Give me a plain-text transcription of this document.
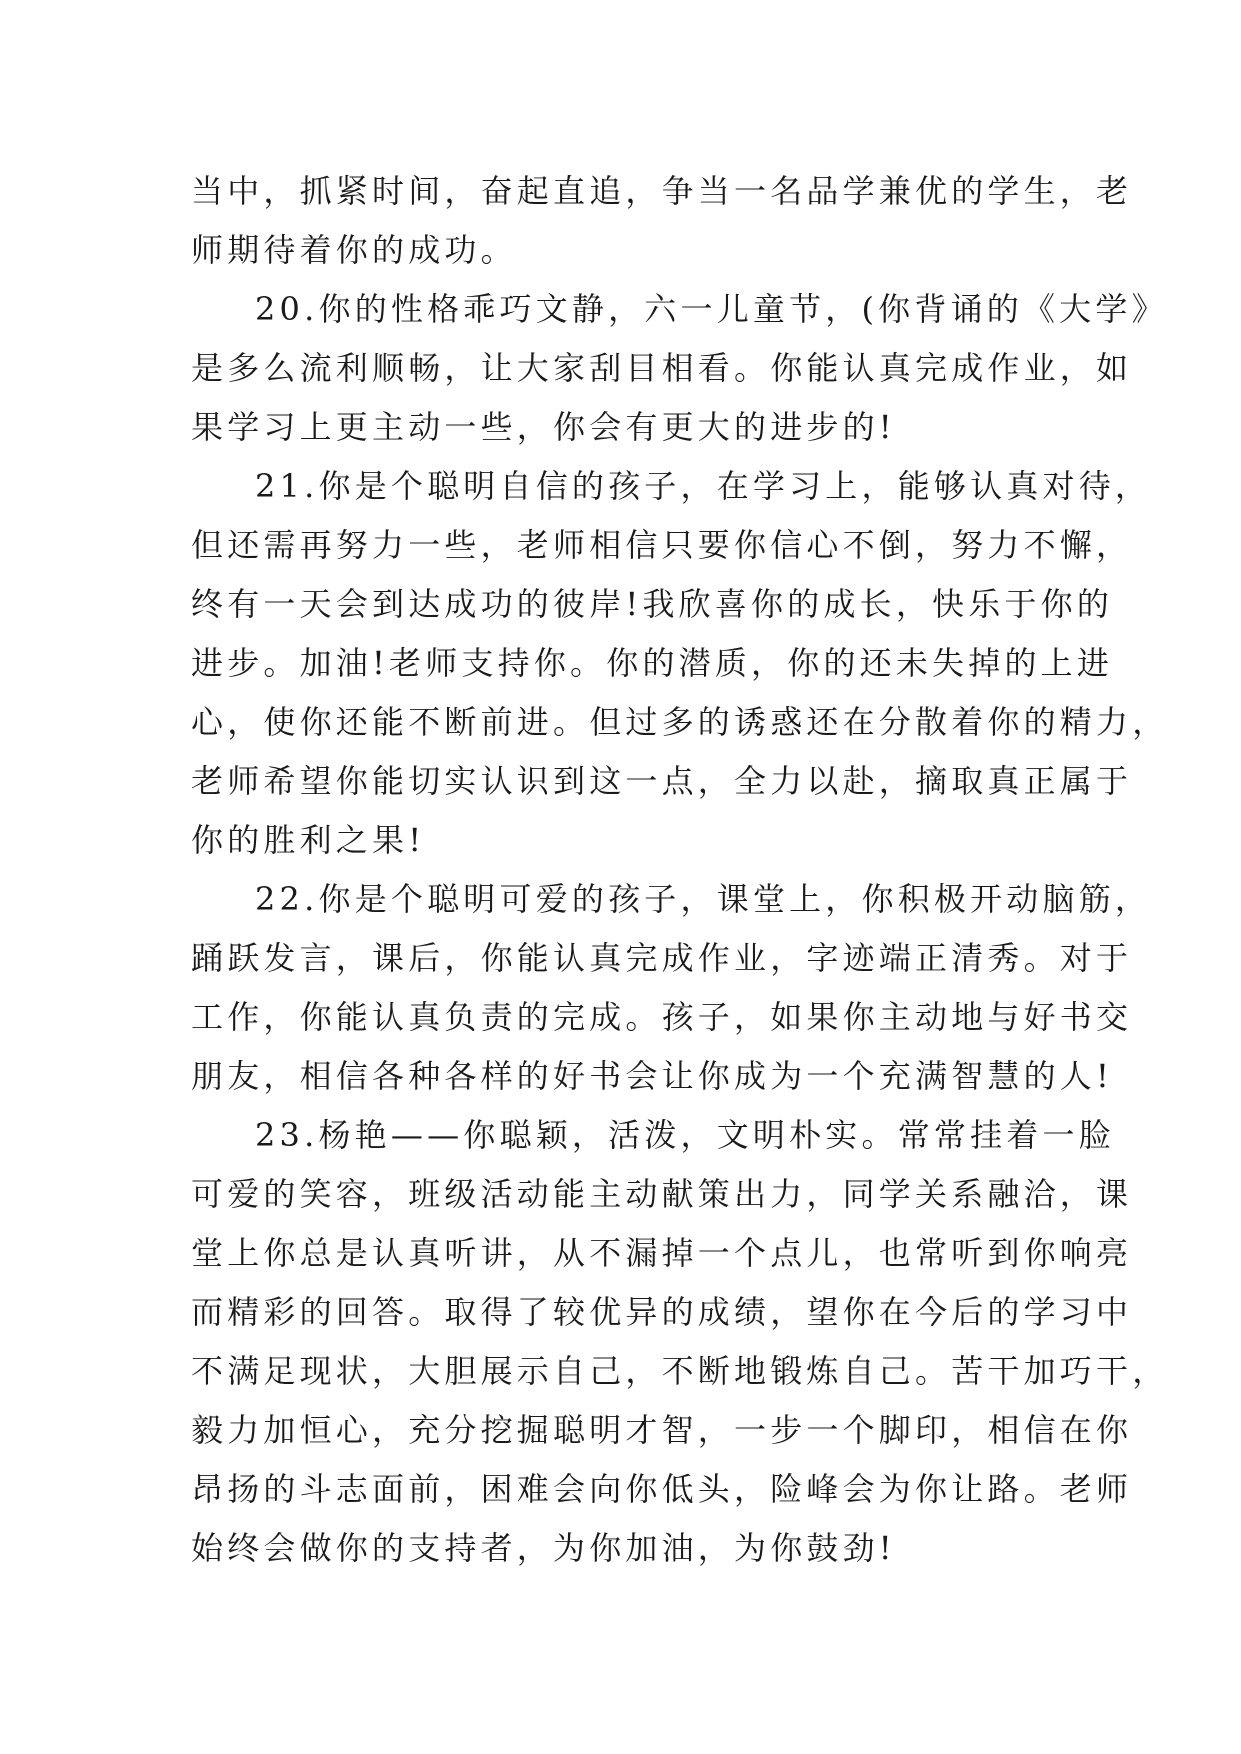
当中，抓紧时间，奋起直追，争当一名品学兼优的学生，老
师期待着你的成功。
20.你的性格乖巧文静，六一儿童节，(你背诵的《大学》
是多么流利顺畅，让大家刮目相看。你能认真完成作业，如
果学习上更主动一些，你会有更大的进步的!
21.你是个聪明自信的孩子，在学习上，能够认真对待，
但还需再努力一些，老师相信只要你信心不倒，努力不懈，
终有一天会到达成功的彼岸!我欣喜你的成长，快乐于你的
进步。加油!老师支持你。你的潜质，你的还未失掉的上进
心，使你还能不断前进。但过多的诱惑还在分散着你的精力，
老师希望你能切实认识到这一点，全力以赴，摘取真正属于
你的胜利之果!
22.你是个聪明可爱的孩子，课堂上，你积极开动脑筋，
踊跃发言，课后，你能认真完成作业，字迹端正清秀。对于
工作，你能认真负责的完成。孩子，如果你主动地与好书交
朋友，相信各种各样的好书会让你成为一个充满智慧的人!
23.杨艳——你聪颖，活泼，文明朴实。常常挂着一脸
可爱的笑容，班级活动能主动献策出力，同学关系融洽，课
堂上你总是认真听讲，从不漏掉一个点儿，也常听到你响亮
而精彩的回答。取得了较优异的成绩，望你在今后的学习中
不满足现状，大胆展示自己，不断地锻炼自己。苦干加巧干，
毅力加恒心，充分挖掘聪明才智，一步一个脚印，相信在你
昂扬的斗志面前，困难会向你低头，险峰会为你让路。老师
始终会做你的支持者，为你加油，为你鼓劲!
